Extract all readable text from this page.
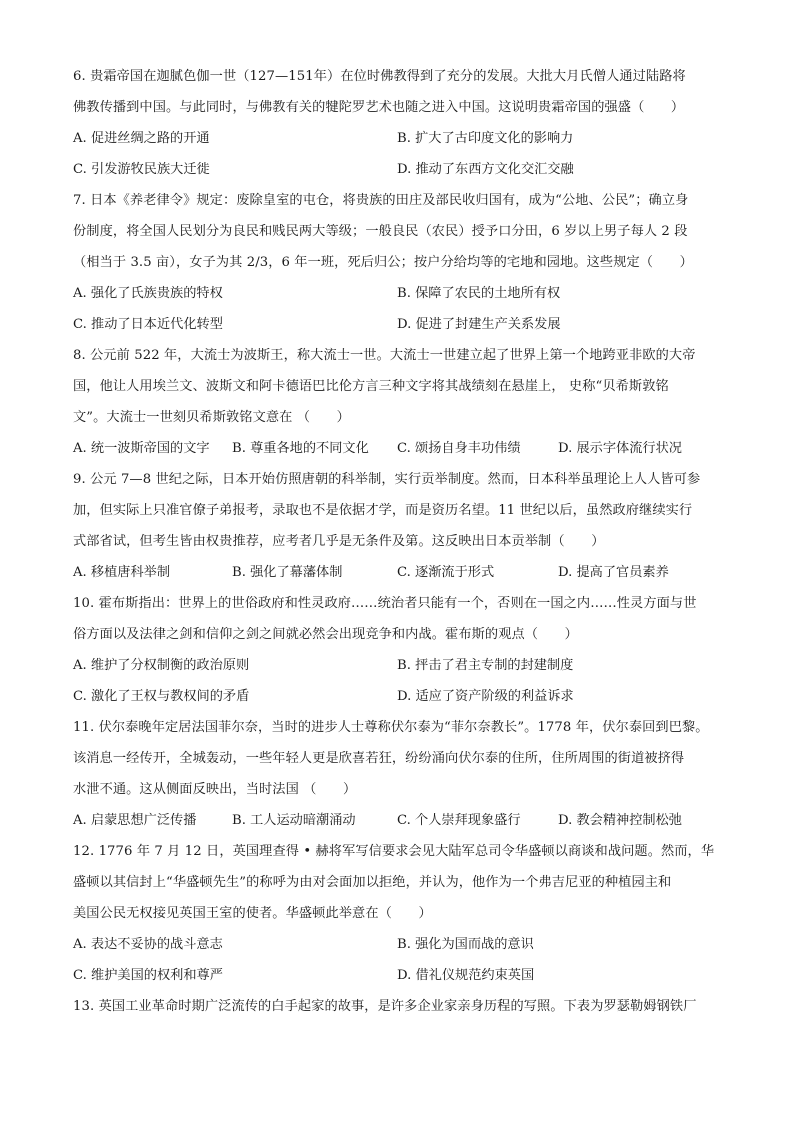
6. 贵霜帝国在迦腻色伽一世（127—151年）在位时佛教得到了充分的发展。大批大月氏僧人通过陆路将
佛教传播到中国。与此同时，与佛教有关的犍陀罗艺术也随之进入中国。这说明贵霜帝国的强盛（　　）
A. 促进丝绸之路的开通	B. 扩大了古印度文化的影响力
C. 引发游牧民族大迁徙	D. 推动了东西方文化交汇交融
7. 日本《养老律令》规定：废除皇室的屯仓，将贵族的田庄及部民收归国有，成为“公地、公民”；确立身
份制度，将全国人民划分为良民和贱民两大等级；一般良民（农民）授予口分田，6 岁以上男子每人 2 段
（相当于 3.5 亩），女子为其 2/3，6 年一班，死后归公；按户分给均等的宅地和园地。这些规定（　　）
A. 强化了氏族贵族的特权	B. 保障了农民的土地所有权
C. 推动了日本近代化转型	D. 促进了封建生产关系发展
8. 公元前 522 年，大流士为波斯王，称大流士一世。大流士一世建立起了世界上第一个地跨亚非欧的大帝
国，他让人用埃兰文、波斯文和阿卡德语巴比伦方言三种文字将其战绩刻在悬崖上， 史称“贝希斯敦铭
文”。大流士一世刻贝希斯敦铭文意在 （　　）
A. 统一波斯帝国的文字 B. 尊重各地的不同文化 C. 颂扬自身丰功伟绩	D. 展示字体流行状况
9. 公元 7—8 世纪之际，日本开始仿照唐朝的科举制，实行贡举制度。然而，日本科举虽理论上人人皆可参
加，但实际上只准官僚子弟报考，录取也不是依据才学，而是资历名望。11 世纪以后，虽然政府继续实行
式部省试，但考生皆由权贵推荐，应考者几乎是无条件及第。这反映出日本贡举制（　　）
A. 移植唐科举制	B. 强化了幕藩体制	C. 逐渐流于形式	D. 提高了官员素养
10. 霍布斯指出：世界上的世俗政府和性灵政府……统治者只能有一个，否则在一国之内……性灵方面与世
俗方面以及法律之剑和信仰之剑之间就必然会出现竞争和内战。霍布斯的观点（　　）
A. 维护了分权制衡的政治原则	B. 抨击了君主专制的封建制度
C. 激化了王权与教权间的矛盾	D. 适应了资产阶级的利益诉求
11. 伏尔泰晚年定居法国菲尔奈，当时的进步人士尊称伏尔泰为“菲尔奈教长”。1778 年，伏尔泰回到巴黎。
该消息一经传开，全城轰动，一些年轻人更是欣喜若狂，纷纷涌向伏尔泰的住所，住所周围的街道被挤得
水泄不通。这从侧面反映出，当时法国 （　　）
A. 启蒙思想广泛传播	B. 工人运动暗潮涌动	C. 个人崇拜现象盛行	D. 教会精神控制松弛
12. 1776 年 7 月 12 日，英国理查得 • 赫将军写信要求会见大陆军总司令华盛顿以商谈和战问题。然而，华
盛顿以其信封上“华盛顿先生”的称呼为由对会面加以拒绝，并认为，他作为一个弗吉尼亚的种植园主和
美国公民无权接见英国王室的使者。华盛顿此举意在（　　）
A. 表达不妥协的战斗意志	B. 强化为国而战的意识
C. 维护美国的权利和尊严	D. 借礼仪规范约束英国
13. 英国工业革命时期广泛流传的白手起家的故事，是许多企业家亲身历程的写照。下表为罗瑟勒姆钢铁厂
